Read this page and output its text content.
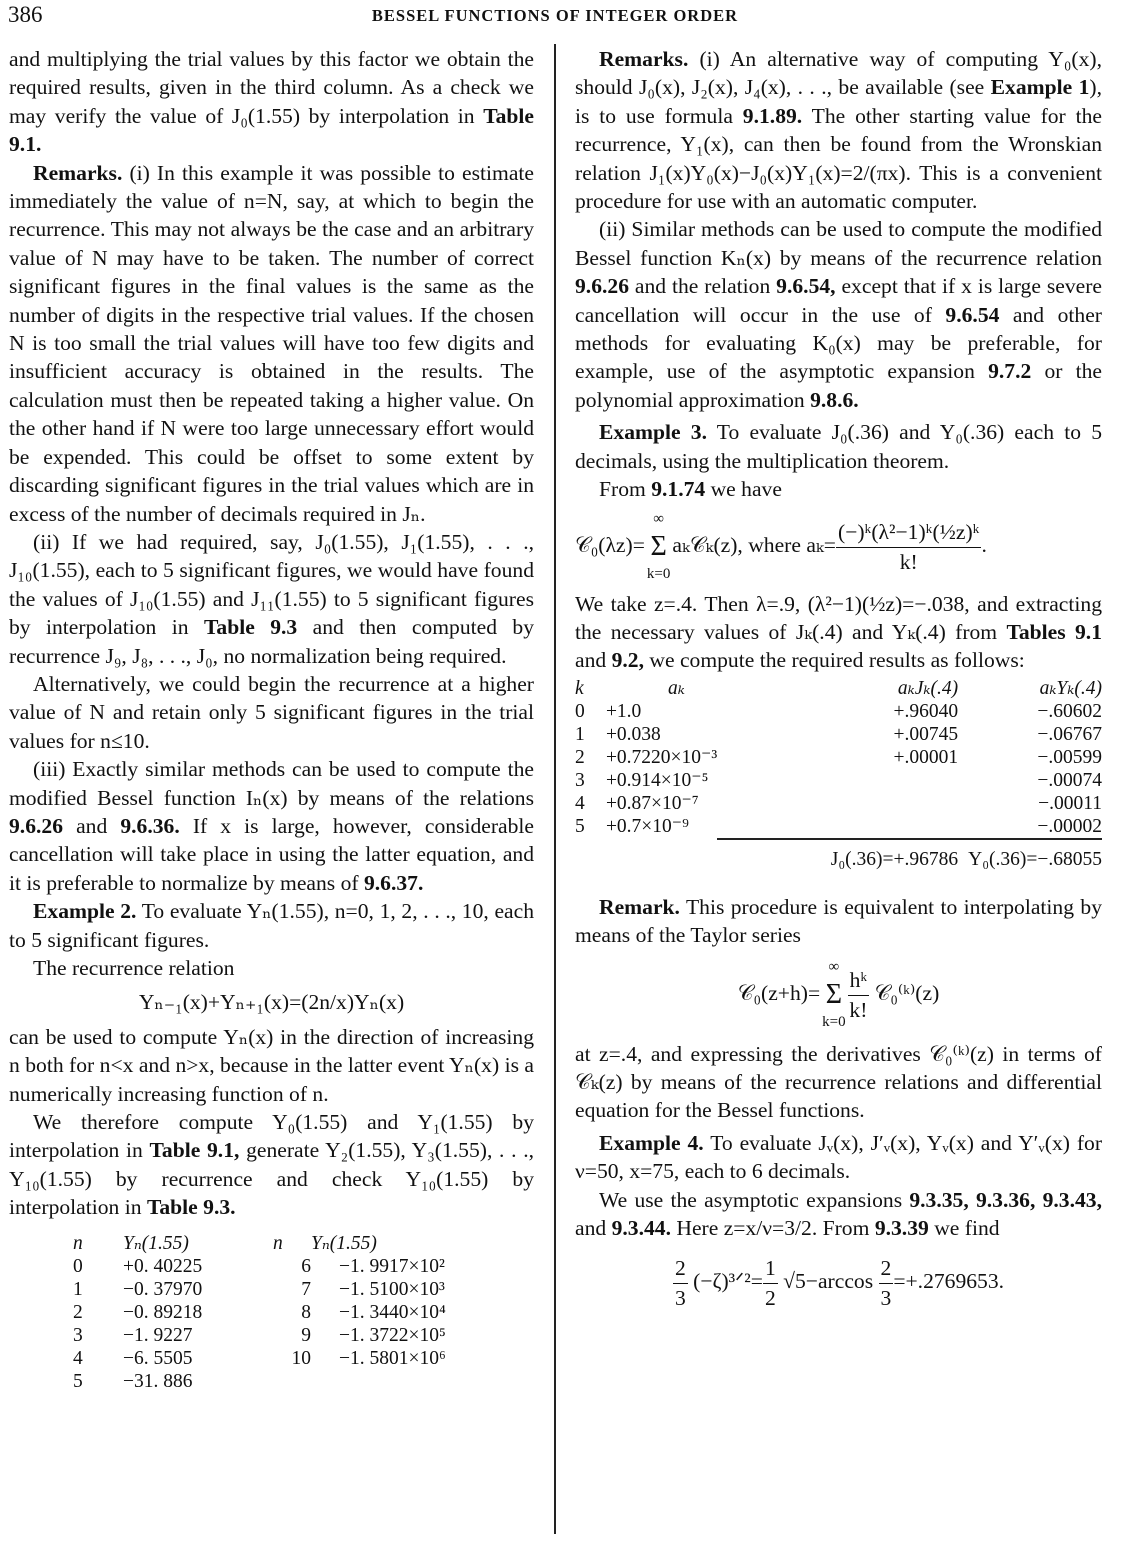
386	BESSEL FUNCTIONS OF INTEGER ORDER

and multiplying the trial values by this factor we obtain the required results, given in the third column. As a check we may verify the value of J₀(1.55) by interpolation in Table 9.1.

Remarks. (i) In this example it was possible to estimate immediately the value of n=N, say, at which to begin the recurrence. This may not always be the case and an arbitrary value of N may have to be taken. The number of correct significant figures in the final values is the same as the number of digits in the respective trial values. If the chosen N is too small the trial values will have too few digits and insufficient accuracy is obtained in the results. The calculation must then be repeated taking a higher value. On the other hand if N were too large unnecessary effort would be expended. This could be offset to some extent by discarding significant figures in the trial values which are in excess of the number of decimals required in Jₙ.

(ii) If we had required, say, J₀(1.55), J₁(1.55), . . ., J₁₀(1.55), each to 5 significant figures, we would have found the values of J₁₀(1.55) and J₁₁(1.55) to 5 significant figures by interpolation in Table 9.3 and then computed by recurrence J₉, J₈, . . ., J₀, no normalization being required.

Alternatively, we could begin the recurrence at a higher value of N and retain only 5 significant figures in the trial values for n≤10.

(iii) Exactly similar methods can be used to compute the modified Bessel function Iₙ(x) by means of the relations 9.6.26 and 9.6.36. If x is large, however, considerable cancellation will take place in using the latter equation, and it is preferable to normalize by means of 9.6.37.

Example 2. To evaluate Yₙ(1.55), n=0, 1, 2, . . ., 10, each to 5 significant figures.

The recurrence relation

Yₙ₋₁(x)+Yₙ₊₁(x)=(2n/x)Yₙ(x)

can be used to compute Yₙ(x) in the direction of increasing n both for n<x and n>x, because in the latter event Yₙ(x) is a numerically increasing function of n.

We therefore compute Y₀(1.55) and Y₁(1.55) by interpolation in Table 9.1, generate Y₂(1.55), Y₃(1.55), . . ., Y₁₀(1.55) by recurrence and check Y₁₀(1.55) by interpolation in Table 9.3.

n	Yₙ(1.55)	n	Yₙ(1.55)
0	+0. 40225	6	−1. 9917×10²
1	−0. 37970	7	−1. 5100×10³
2	−0. 89218	8	−1. 3440×10⁴
3	−1. 9227	9	−1. 3722×10⁵
4	−6. 5505	10	−1. 5801×10⁶
5	−31. 886		

Remarks. (i) An alternative way of computing Y₀(x), should J₀(x), J₂(x), J₄(x), . . ., be available (see Example 1), is to use formula 9.1.89. The other starting value for the recurrence, Y₁(x), can then be found from the Wronskian relation J₁(x)Y₀(x)−J₀(x)Y₁(x)=2/(πx). This is a convenient procedure for use with an automatic computer.

(ii) Similar methods can be used to compute the modified Bessel function Kₙ(x) by means of the recurrence relation 9.6.26 and the relation 9.6.54, except that if x is large severe cancellation will occur in the use of 9.6.54 and other methods for evaluating K₀(x) may be preferable, for example, use of the asymptotic expansion 9.7.2 or the polynomial approximation 9.8.6.

Example 3. To evaluate J₀(.36) and Y₀(.36) each to 5 decimals, using the multiplication theorem.

From 9.1.74 we have

𝒞₀(λz)=
∞
Σ
k=0
aₖ𝒞ₖ(z), where $a_k= \frac{\text{(−)ᵏ(λ²−1)ᵏ(½z)ᵏ}}{k!}$ .

We take z=.4. Then λ=.9, (λ²−1)(½z)=−.038, and extracting the necessary values of Jₖ(.4) and Yₖ(.4) from Tables 9.1 and 9.2, we compute the required results as follows:

k	aₖ	aₖJₖ(.4)	aₖYₖ(.4)
0	+1.0	+.96040	−.60602
1	+0.038	+.00745	−.06767
2	+0.7220×10⁻³	+.00001	−.00599
3	+0.914×10⁻⁵		−.00074
4	+0.87×10⁻⁷		−.00011
5	+0.7×10⁻⁹		−.00002
		J₀(.36)=+.96786	Y₀(.36)=−.68055

Remark. This procedure is equivalent to interpolating by means of the Taylor series

𝒞₀(z+h)=
∞
Σ
$k=0 \frac{\text{hᵏ}}{k!}$ 𝒞₀⁽ᵏ⁾(z)

at z=.4, and expressing the derivatives 𝒞₀⁽ᵏ⁾(z) in terms of 𝒞ₖ(z) by means of the recurrence relations and differential equation for the Bessel functions.

Example 4. To evaluate Jᵥ(x), J′ᵥ(x), Yᵥ(x) and Y′ᵥ(x) for ν=50, x=75, each to 6 decimals.

We use the asymptotic expansions 9.3.35, 9.3.36, 9.3.43, and 9.3.44. Here z=x/ν=3/2. From 9.3.39 we find

$\frac{2}{3}$ (−ζ)³ᐟ²= $\frac{1}{2} √5-\arccos \frac{2}{3} =+.2769653$.
